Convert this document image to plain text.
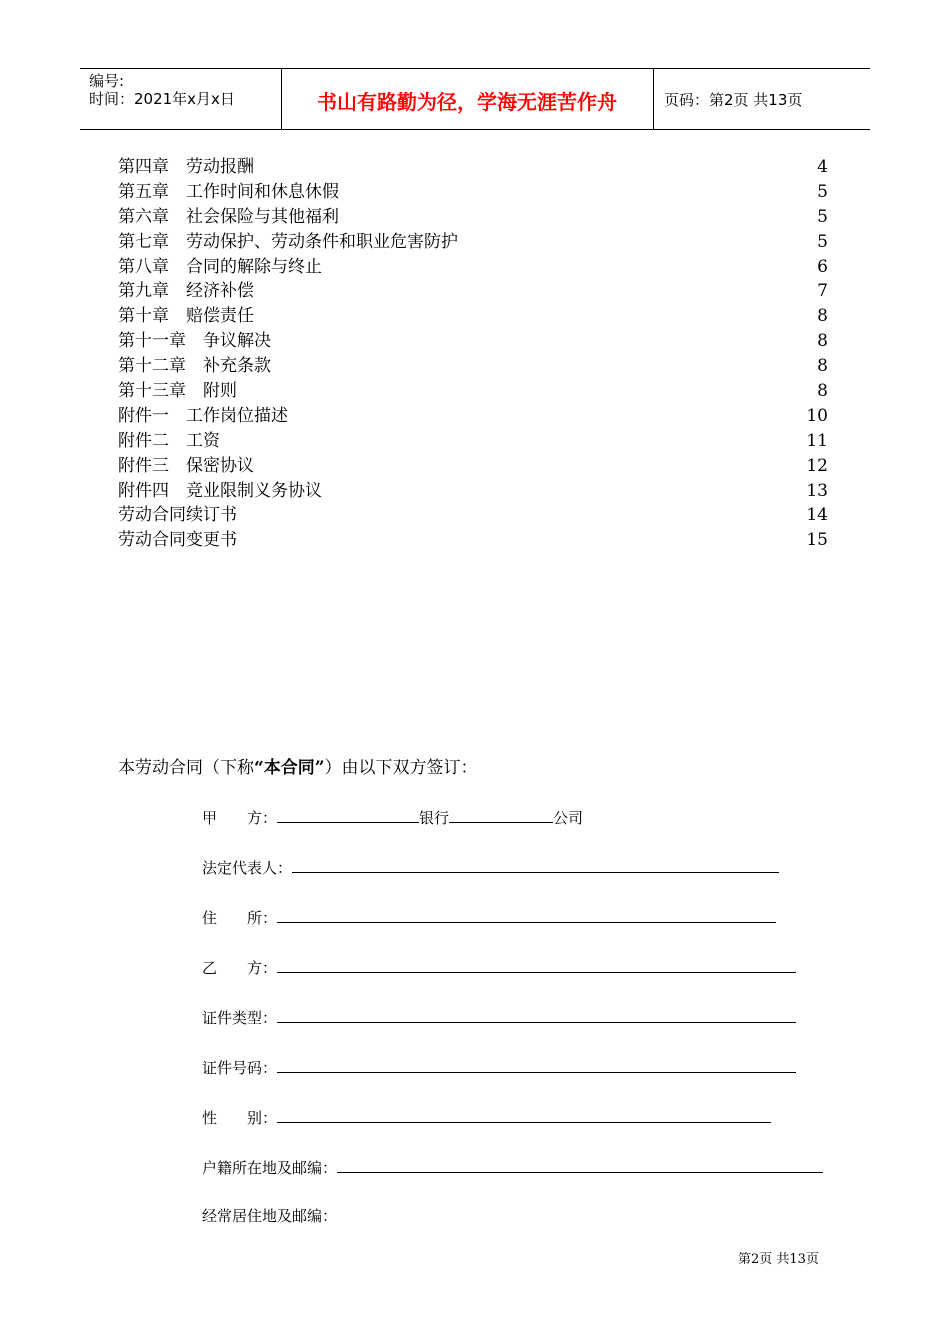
编号:
时间：2021年x月x日	书山有路勤为径，学海无涯苦作舟	页码：第2页 共13页
第四章　劳动报酬	4
第五章　工作时间和休息休假	5
第六章　社会保险与其他福利	5
第七章　劳动保护、劳动条件和职业危害防护	5
第八章　合同的解除与终止	6
第九章　经济补偿	7
第十章　赔偿责任	8
第十一章　争议解决	8
第十二章　补充条款	8
第十三章　附则	8
附件一　工作岗位描述	10
附件二　工资	11
附件三　保密协议	12
附件四　竞业限制义务协议	13
劳动合同续订书	14
劳动合同变更书	15
本劳动合同（下称“本合同”）由以下双方签订：
甲　　方：	银行	公司
法定代表人：
住　　所：
乙　　方：
证件类型：
证件号码：
性　　别：
户籍所在地及邮编：
经常居住地及邮编：
第2页 共13页
